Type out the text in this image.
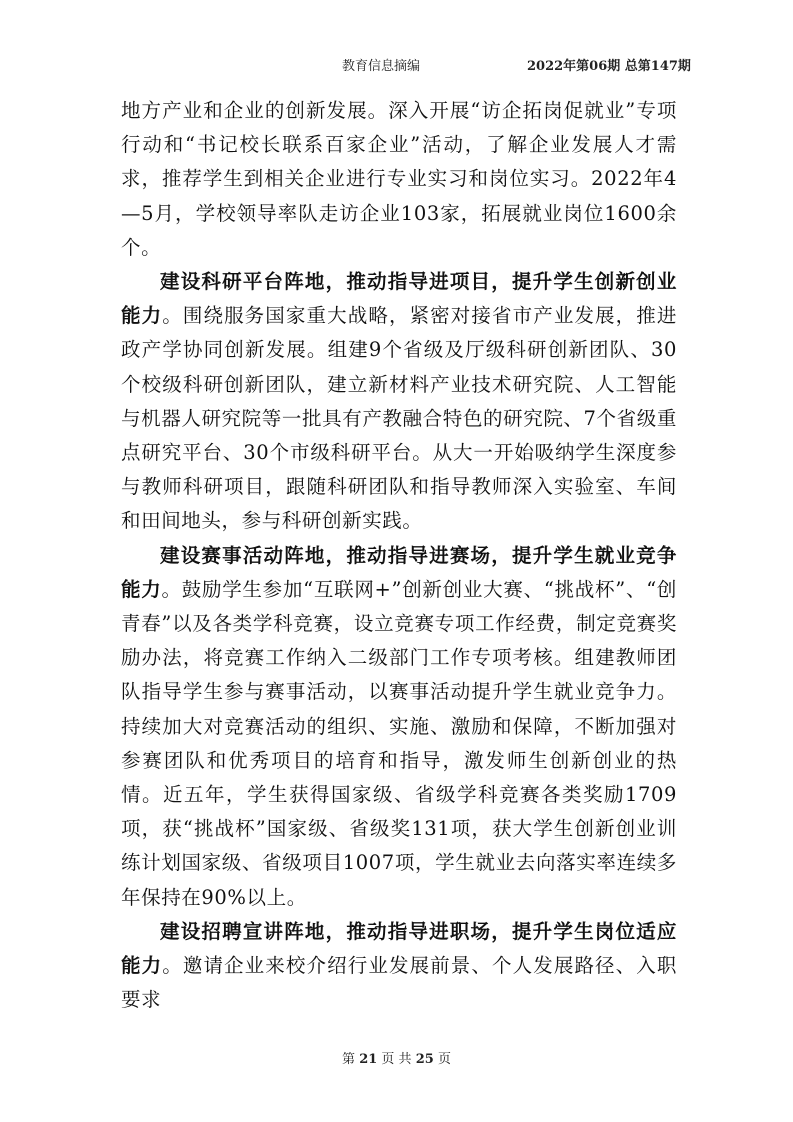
教育信息摘编	2022年第06期 总第147期

地方产业和企业的创新发展。深入开展“访企拓岗促就业”专项行动和“书记校长联系百家企业”活动，了解企业发展人才需求，推荐学生到相关企业进行专业实习和岗位实习。2022年4—5月，学校领导率队走访企业103家，拓展就业岗位1600余个。

建设科研平台阵地，推动指导进项目，提升学生创新创业能力。围绕服务国家重大战略，紧密对接省市产业发展，推进政产学协同创新发展。组建9个省级及厅级科研创新团队、30个校级科研创新团队，建立新材料产业技术研究院、人工智能与机器人研究院等一批具有产教融合特色的研究院、7个省级重点研究平台、30个市级科研平台。从大一开始吸纳学生深度参与教师科研项目，跟随科研团队和指导教师深入实验室、车间和田间地头，参与科研创新实践。

建设赛事活动阵地，推动指导进赛场，提升学生就业竞争能力。鼓励学生参加“互联网+”创新创业大赛、“挑战杯”、“创青春”以及各类学科竞赛，设立竞赛专项工作经费，制定竞赛奖励办法，将竞赛工作纳入二级部门工作专项考核。组建教师团队指导学生参与赛事活动，以赛事活动提升学生就业竞争力。持续加大对竞赛活动的组织、实施、激励和保障，不断加强对参赛团队和优秀项目的培育和指导，激发师生创新创业的热情。近五年，学生获得国家级、省级学科竞赛各类奖励1709项，获“挑战杯”国家级、省级奖131项，获大学生创新创业训练计划国家级、省级项目1007项，学生就业去向落实率连续多年保持在90%以上。

建设招聘宣讲阵地，推动指导进职场，提升学生岗位适应能力。邀请企业来校介绍行业发展前景、个人发展路径、入职要求

第 21 页 共 25 页
